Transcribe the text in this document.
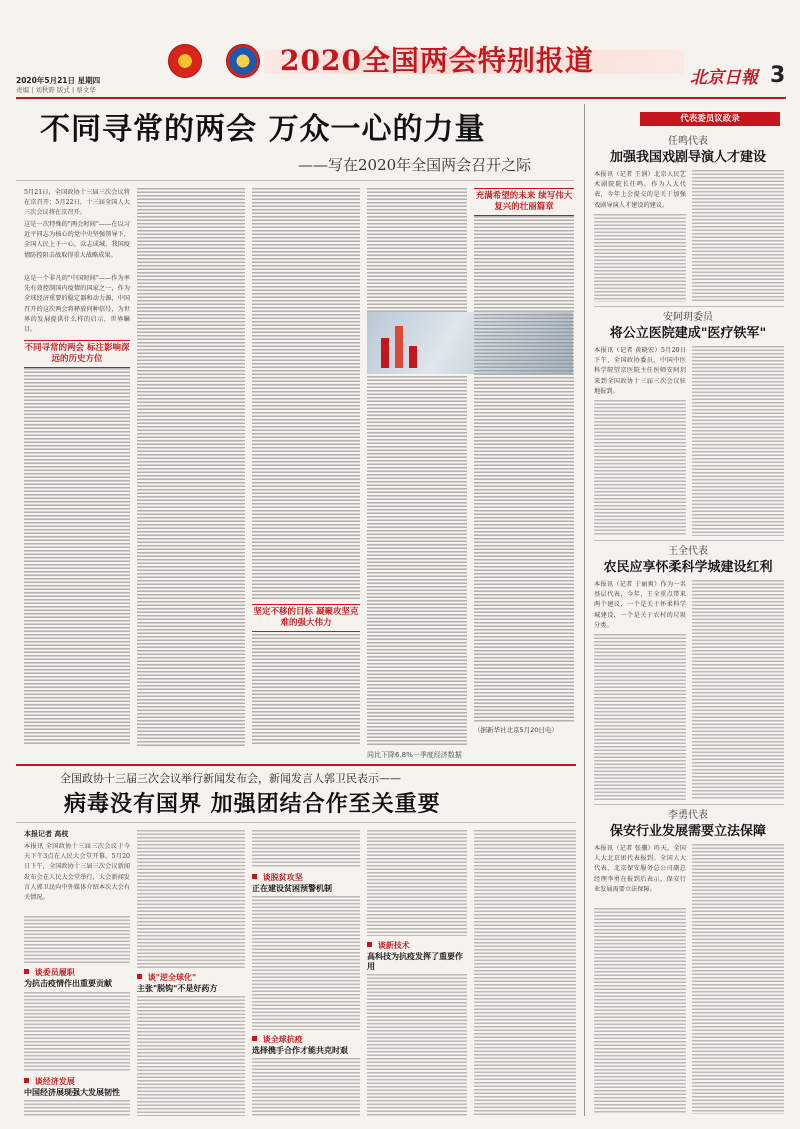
2020全国两会特别报道
北京日報 3
2020年5月21日 星期四
责编 | 刘秋野 版式 | 蔡文华
不同寻常的两会 万众一心的力量
——写在2020年全国两会召开之际
5月21日，全国政协十三届三次会议将在京召开；5月22日，十三届全国人大三次会议将在京召开。
这是一次特殊的"两会时间"——在以习近平同志为核心的党中央坚强领导下，全国人民上下一心，众志成城，我国疫情防控阻击战取得重大战略成果。
这是一个非凡的"中国时间"——作为率先有效控制国内疫情的国家之一，作为全球经济重要的稳定器和动力源，中国召开的这次两会将释放何种信号，为世界的发展提供什么样的启示，世界瞩目。
不同寻常的两会 标注影响深远的历史方位
坚定不移的目标 凝聚攻坚克难的强大伟力
同比下降6.8%一季度经济数据
充满希望的未来 续写伟大复兴的壮丽篇章
（据新华社北京5月20日电）
代表委员议政录
任鸣代表
加强我国戏剧导演人才建设
本报讯（记者 王润）北京人民艺术剧院院长任鸣，作为人大代表，今年上会提交的是关于加强戏剧导演人才建设的建议。
安阿玥委员
将公立医院建成"医疗铁军"
本报讯（记者 黄晓宏）5月20日下午，全国政协委员、中国中医科学院望京医院主任医师安阿玥来到全国政协十三届三次会议驻地报到。
王全代表
农民应享怀柔科学城建设红利
本报讯（记者 于丽爽）作为一名基层代表，今年，王全重点带来两个建议，一个是关于怀柔科学城建设，一个是关于农村的垃圾分类。
李勇代表
保安行业发展需要立法保障
本报讯（记者 张骥）昨天，全国人大北京团代表报到。全国人大代表、北京保安服务总公司副总经理李勇在报到后表示，保安行业发展需要立法保障。
全国政协十三届三次会议举行新闻发布会，新闻发言人郭卫民表示——
病毒没有国界 加强团结合作至关重要
本报记者 高枝
本报讯 全国政协十三届三次会议于今天下午3点在人民大会堂开幕。5月20日下午，全国政协十三届三次会议新闻发布会在人民大会堂举行，大会新闻发言人郭卫民向中外媒体介绍本次大会有关情况。
谈委员履职
为抗击疫情作出重要贡献
谈经济发展
中国经济展现强大发展韧性
谈"逆全球化"
主张"脱钩"不是好药方
谈脱贫攻坚
正在建设贫困预警机制
谈全球抗疫
选择携手合作才能共克时艰
谈新技术
高科技为抗疫发挥了重要作用
